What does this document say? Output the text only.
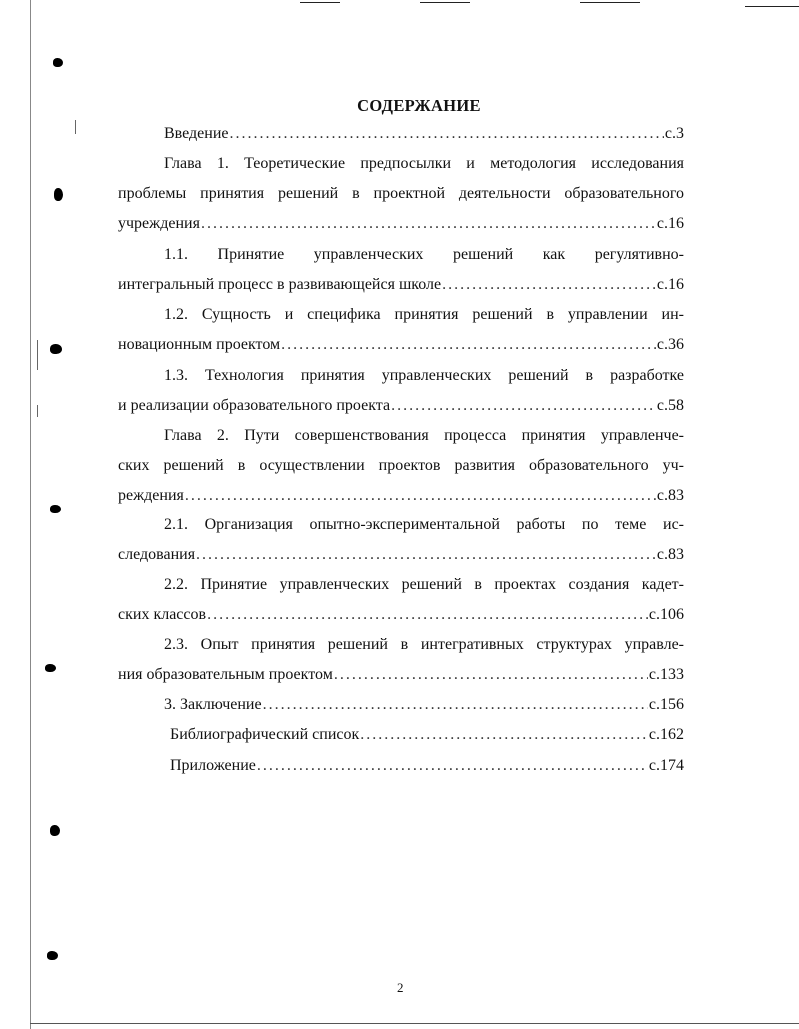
СОДЕРЖАНИЕ
Введение .....	с.3
Глава 1. Теоретические предпосылки и методология исследования
проблемы принятия решений в проектной деятельности образовательного
учреждения .....	с.16
1.1. Принятие управленческих решений как регулятивно-
интегральный процесс в развивающейся школе .....	с.16
1.2. Сущность и специфика принятия решений в управлении ин-
новационным проектом .....	с.36
1.3. Технология принятия управленческих решений в разработке
и реализации образовательного проекта .....	с.58
Глава 2. Пути совершенствования процесса принятия управленче-
ских решений в осуществлении проектов развития образовательного уч-
реждения .....	с.83
2.1. Организация опытно-экспериментальной работы по теме ис-
следования .....	с.83
2.2. Принятие управленческих решений в проектах создания кадет-
ских классов .....	с.106
2.3. Опыт принятия решений в интегративных структурах управле-
ния образовательным проектом .....	с.133
3. Заключение .....	с.156
Библиографический список .....	с.162
Приложение .....	с.174
2
